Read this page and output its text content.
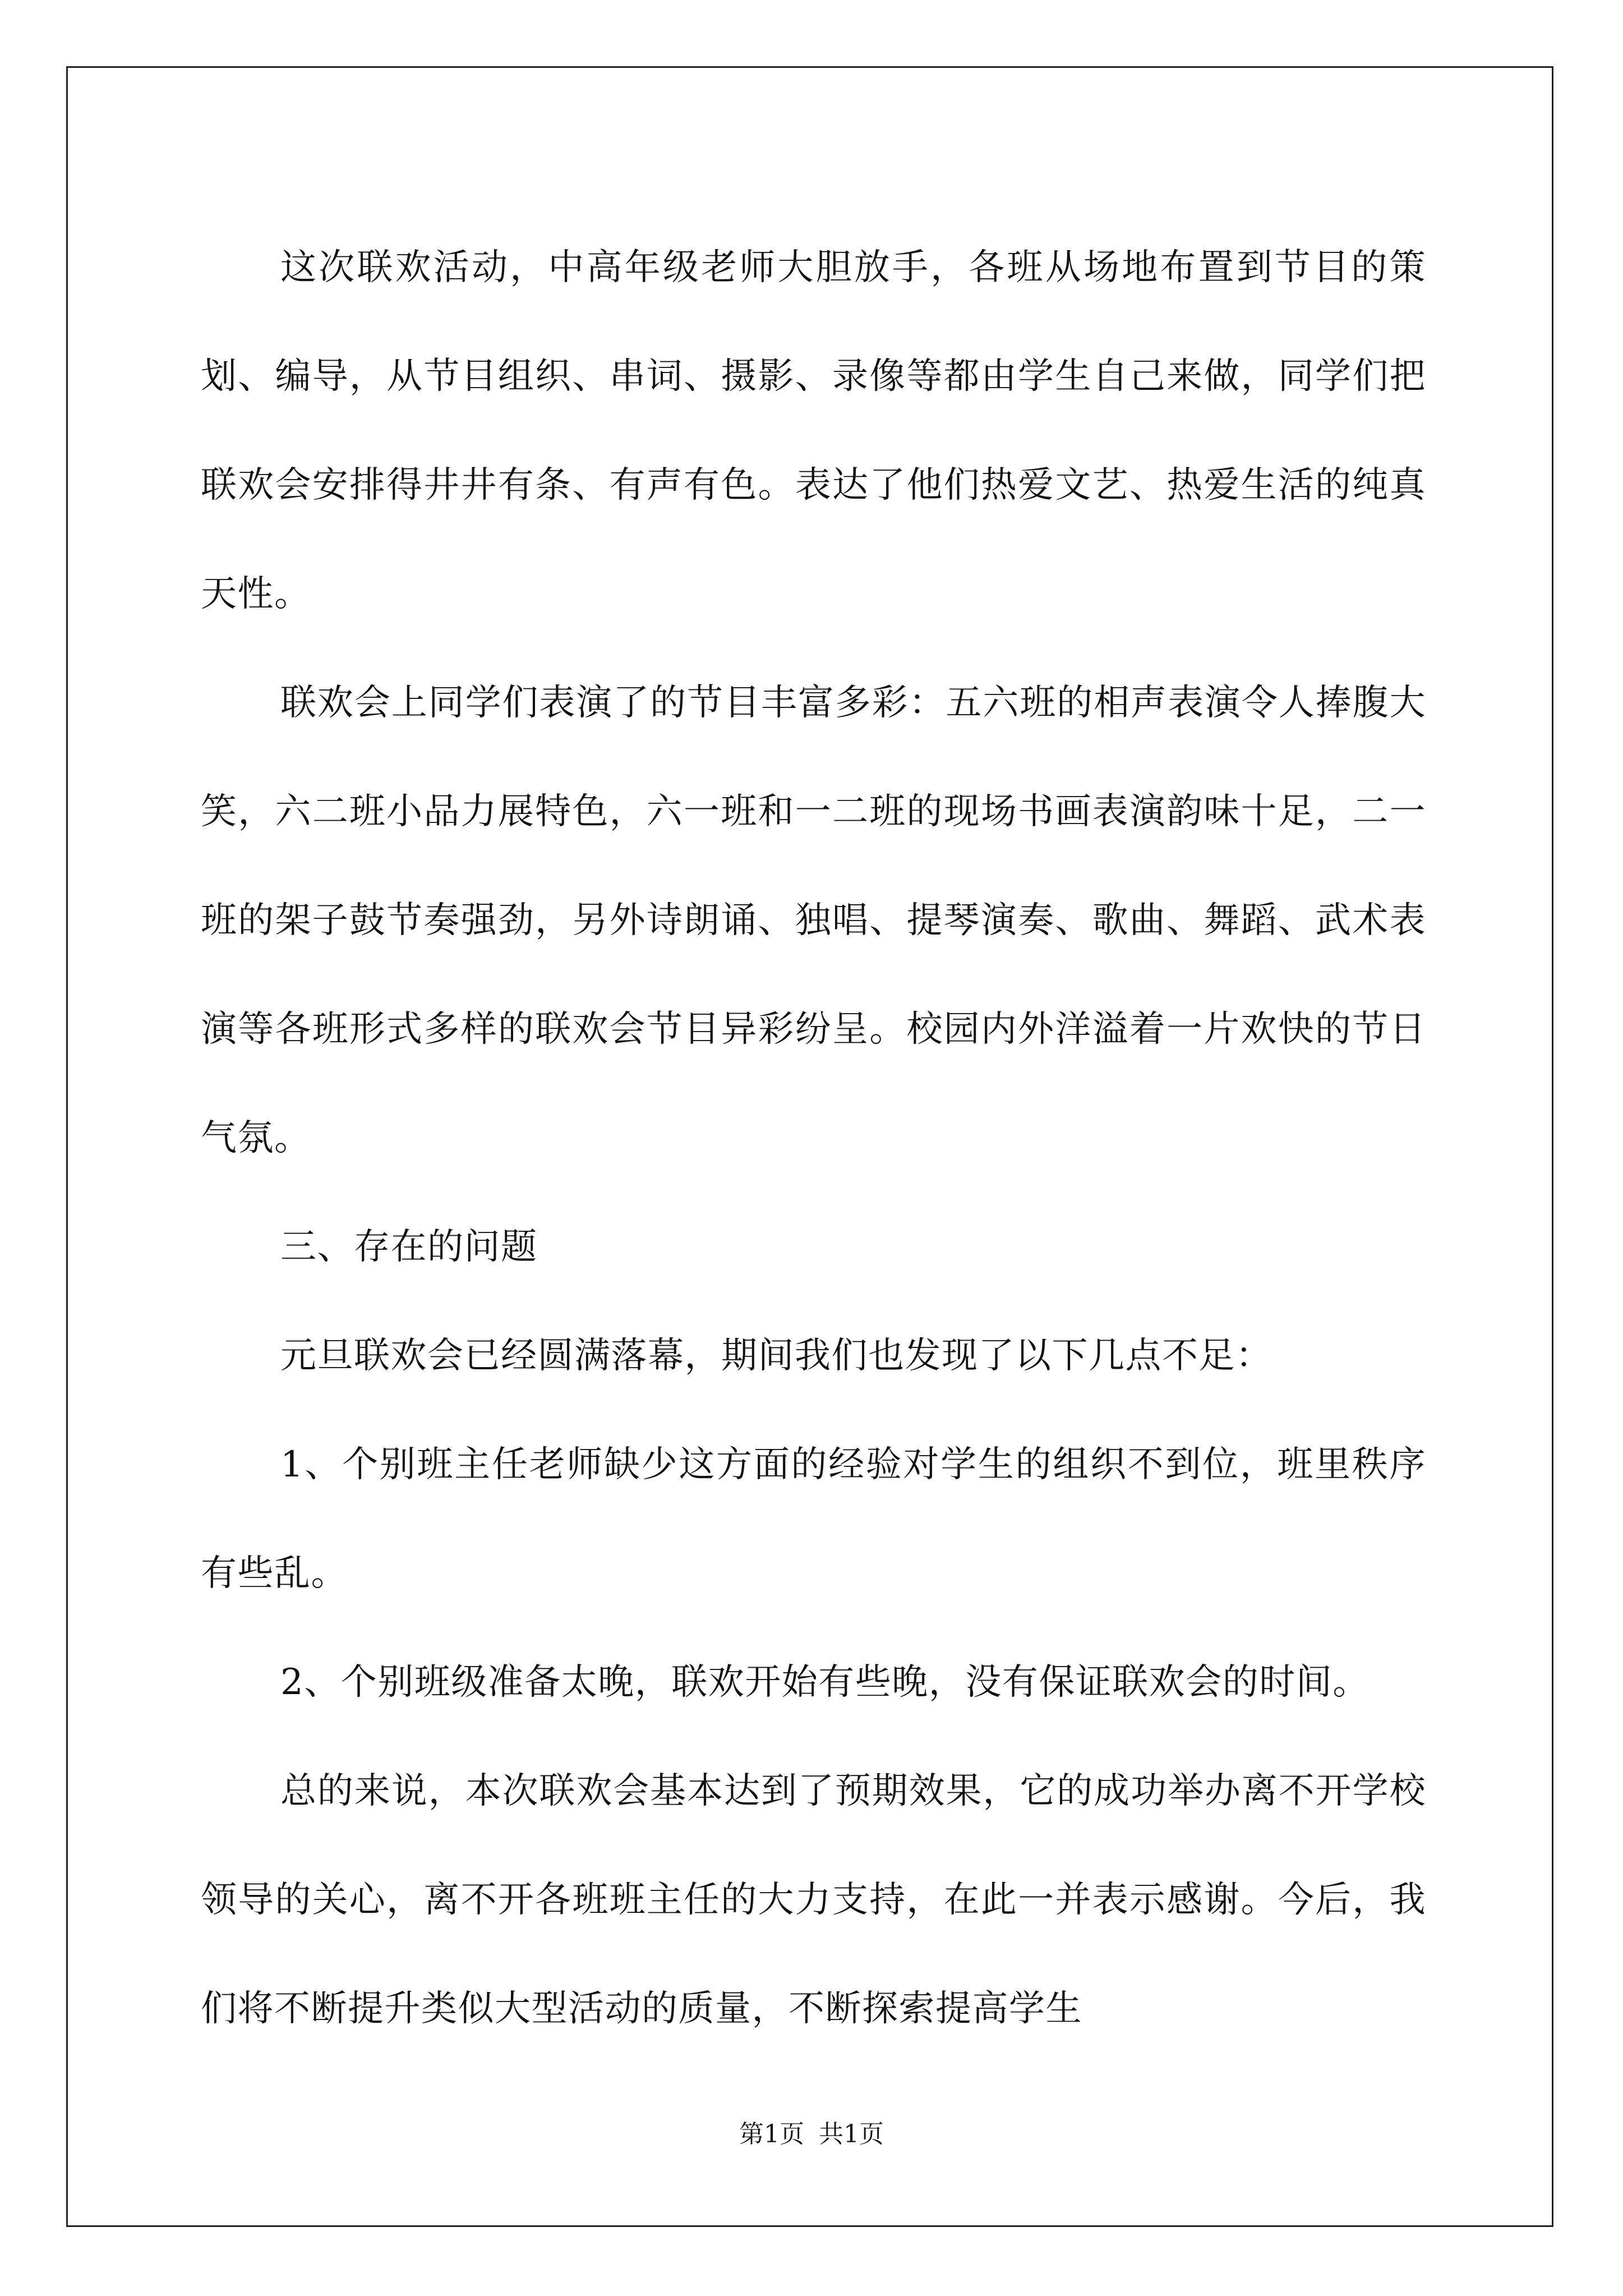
这次联欢活动，中高年级老师大胆放手，各班从场地布置到节目的策划、编导，从节目组织、串词、摄影、录像等都由学生自己来做，同学们把联欢会安排得井井有条、有声有色。表达了他们热爱文艺、热爱生活的纯真天性。

联欢会上同学们表演了的节目丰富多彩：五六班的相声表演令人捧腹大笑，六二班小品力展特色，六一班和一二班的现场书画表演韵味十足，二一班的架子鼓节奏强劲，另外诗朗诵、独唱、提琴演奏、歌曲、舞蹈、武术表演等各班形式多样的联欢会节目异彩纷呈。校园内外洋溢着一片欢快的节日气氛。

三、存在的问题

元旦联欢会已经圆满落幕，期间我们也发现了以下几点不足：

1、个别班主任老师缺少这方面的经验对学生的组织不到位，班里秩序有些乱。

2、个别班级准备太晚，联欢开始有些晚，没有保证联欢会的时间。

总的来说，本次联欢会基本达到了预期效果，它的成功举办离不开学校领导的关心，离不开各班班主任的大力支持，在此一并表示感谢。今后，我们将不断提升类似大型活动的质量，不断探索提高学生

第1页 共1页
